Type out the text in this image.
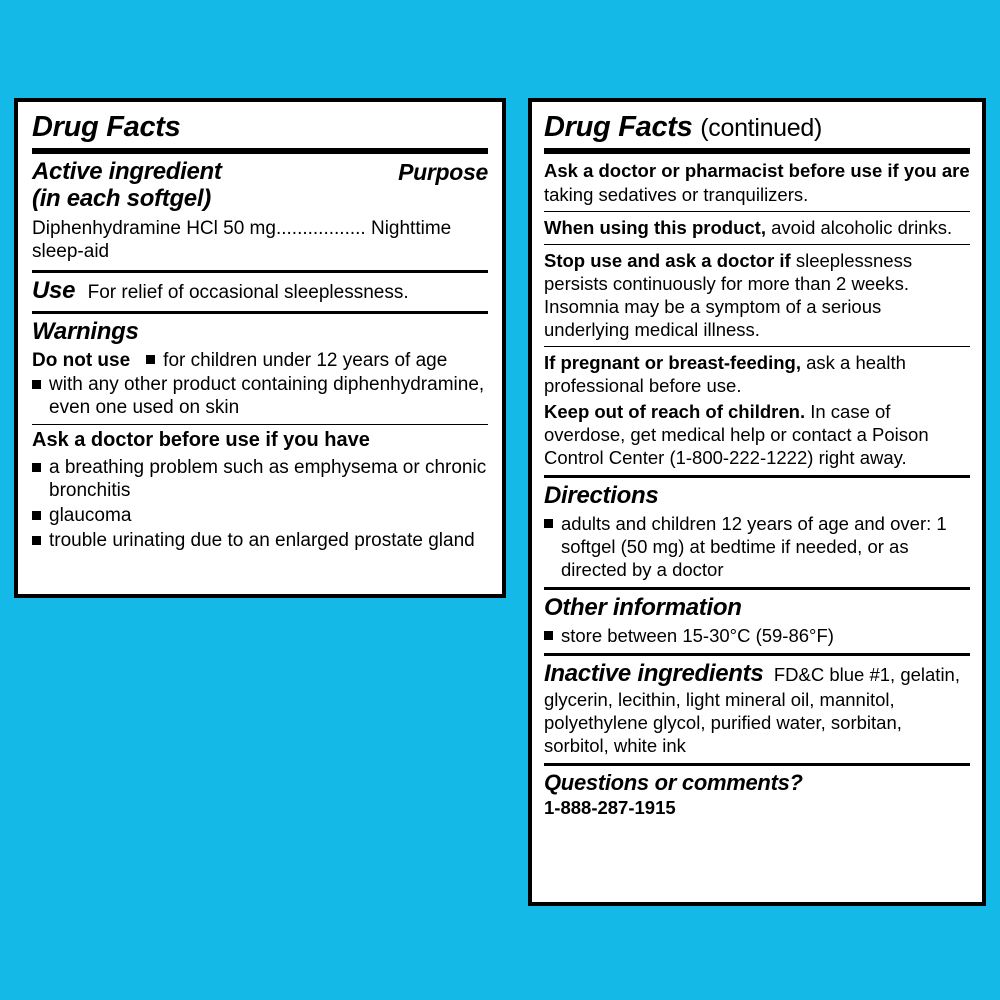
Drug Facts
Active ingredient	Purpose
(in each softgel)
Diphenhydramine HCl 50 mg................. Nighttime sleep-aid
Use For relief of occasional sleeplessness.
Warnings
Do not use for children under 12 years of age
with any other product containing diphenhydramine, even one used on skin
Ask a doctor before use if you have
a breathing problem such as emphysema or chronic bronchitis
glaucoma
trouble urinating due to an enlarged prostate gland
Drug Facts (continued)
Ask a doctor or pharmacist before use if you are taking sedatives or tranquilizers.
When using this product, avoid alcoholic drinks.
Stop use and ask a doctor if sleeplessness persists continuously for more than 2 weeks. Insomnia may be a symptom of a serious underlying medical illness.
If pregnant or breast-feeding, ask a health professional before use.
Keep out of reach of children. In case of overdose, get medical help or contact a Poison Control Center (1-800-222-1222) right away.
Directions
adults and children 12 years of age and over: 1 softgel (50 mg) at bedtime if needed, or as directed by a doctor
Other information
store between 15-30°C (59-86°F)
Inactive ingredients FD&C blue #1, gelatin, glycerin, lecithin, light mineral oil, mannitol, polyethylene glycol, purified water, sorbitan, sorbitol, white ink
Questions or comments?
1-888-287-1915
